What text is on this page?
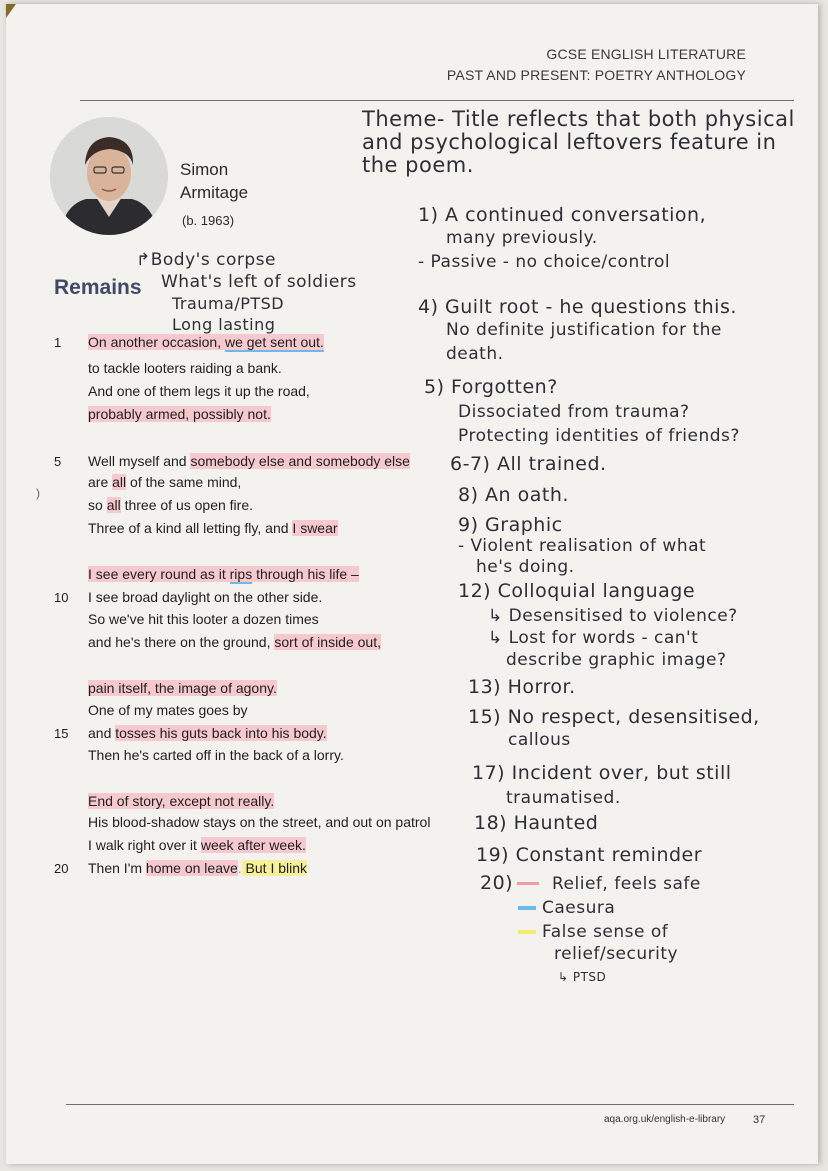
GCSE ENGLISH LITERATURE
PAST AND PRESENT: POETRY ANTHOLOGY
Simon
Armitage
(b. 1963)
Theme- Title reflects that both physical and psychological leftovers feature in the poem.
↱Body's corpse
Remains What's left of soldiers
Trauma/PTSD
Long lasting
1 On another occasion, we get sent out.
to tackle looters raiding a bank.
And one of them legs it up the road,
probably armed, possibly not.
5 Well myself and somebody else and somebody else
are all of the same mind,
so all three of us open fire.
Three of a kind all letting fly, and I swear
I see every round as it rips through his life –
10 I see broad daylight on the other side.
So we've hit this looter a dozen times
and he's there on the ground, sort of inside out,
pain itself, the image of agony.
One of my mates goes by
15 and tosses his guts back into his body.
Then he's carted off in the back of a lorry.
End of story, except not really.
His blood-shadow stays on the street, and out on patrol
I walk right over it week after week.
20 Then I'm home on leave. But I blink
)
1) A continued conversation,
many previously.
- Passive - no choice/control
4) Guilt root - he questions this.
No definite justification for the
death.
5) Forgotten?
Dissociated from trauma?
Protecting identities of friends?
6-7) All trained.
8) An oath.
9) Graphic
- Violent realisation of what
he's doing.
12) Colloquial language
↳ Desensitised to violence?
↳ Lost for words - can't
describe graphic image?
13) Horror.
15) No respect, desensitised,
callous
17) Incident over, but still
traumatised.
18) Haunted
19) Constant reminder
20)	Relief, feels safe
Caesura
False sense of
relief/security
↳ PTSD
aqa.org.uk/english-e-library	37
